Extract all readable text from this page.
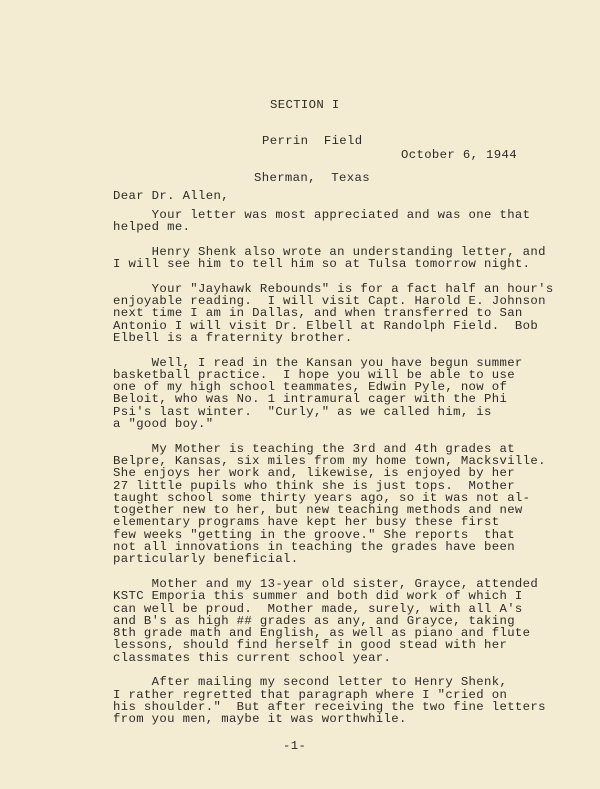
SECTION I

Perrin  Field

Sherman,  Texas

October 6, 1944
Dear Dr. Allen,
Your letter was most appreciated and was one that
helped me.
Henry Shenk also wrote an understanding letter, and
I will see him to tell him so at Tulsa tomorrow night.
Your "Jayhawk Rebounds" is for a fact half an hour's
enjoyable reading.  I will visit Capt. Harold E. Johnson
next time I am in Dallas, and when transferred to San
Antonio I will visit Dr. Elbell at Randolph Field.  Bob
Elbell is a fraternity brother.
Well, I read in the Kansan you have begun summer
basketball practice.  I hope you will be able to use
one of my high school teammates, Edwin Pyle, now of
Beloit, who was No. 1 intramural cager with the Phi
Psi's last winter.  "Curly," as we called him, is
a "good boy."
My Mother is teaching the 3rd and 4th grades at
Belpre, Kansas, six miles from my home town, Macksville.
She enjoys her work and, likewise, is enjoyed by her
27 little pupils who think she is just tops.  Mother
taught school some thirty years ago, so it was not al-
together new to her, but new teaching methods and new
elementary programs have kept her busy these first
few weeks "getting in the groove." She reports  that
not all innovations in teaching the grades have been
particularly beneficial.
Mother and my 13-year old sister, Grayce, attended
KSTC Emporia this summer and both did work of which I
can well be proud.  Mother made, surely, with all A's
and B's as high ## grades as any, and Grayce, taking
8th grade math and English, as well as piano and flute
lessons, should find herself in good stead with her
classmates this current school year.
After mailing my second letter to Henry Shenk,
I rather regretted that paragraph where I "cried on
his shoulder."  But after receiving the two fine letters
from you men, maybe it was worthwhile.
-1-
